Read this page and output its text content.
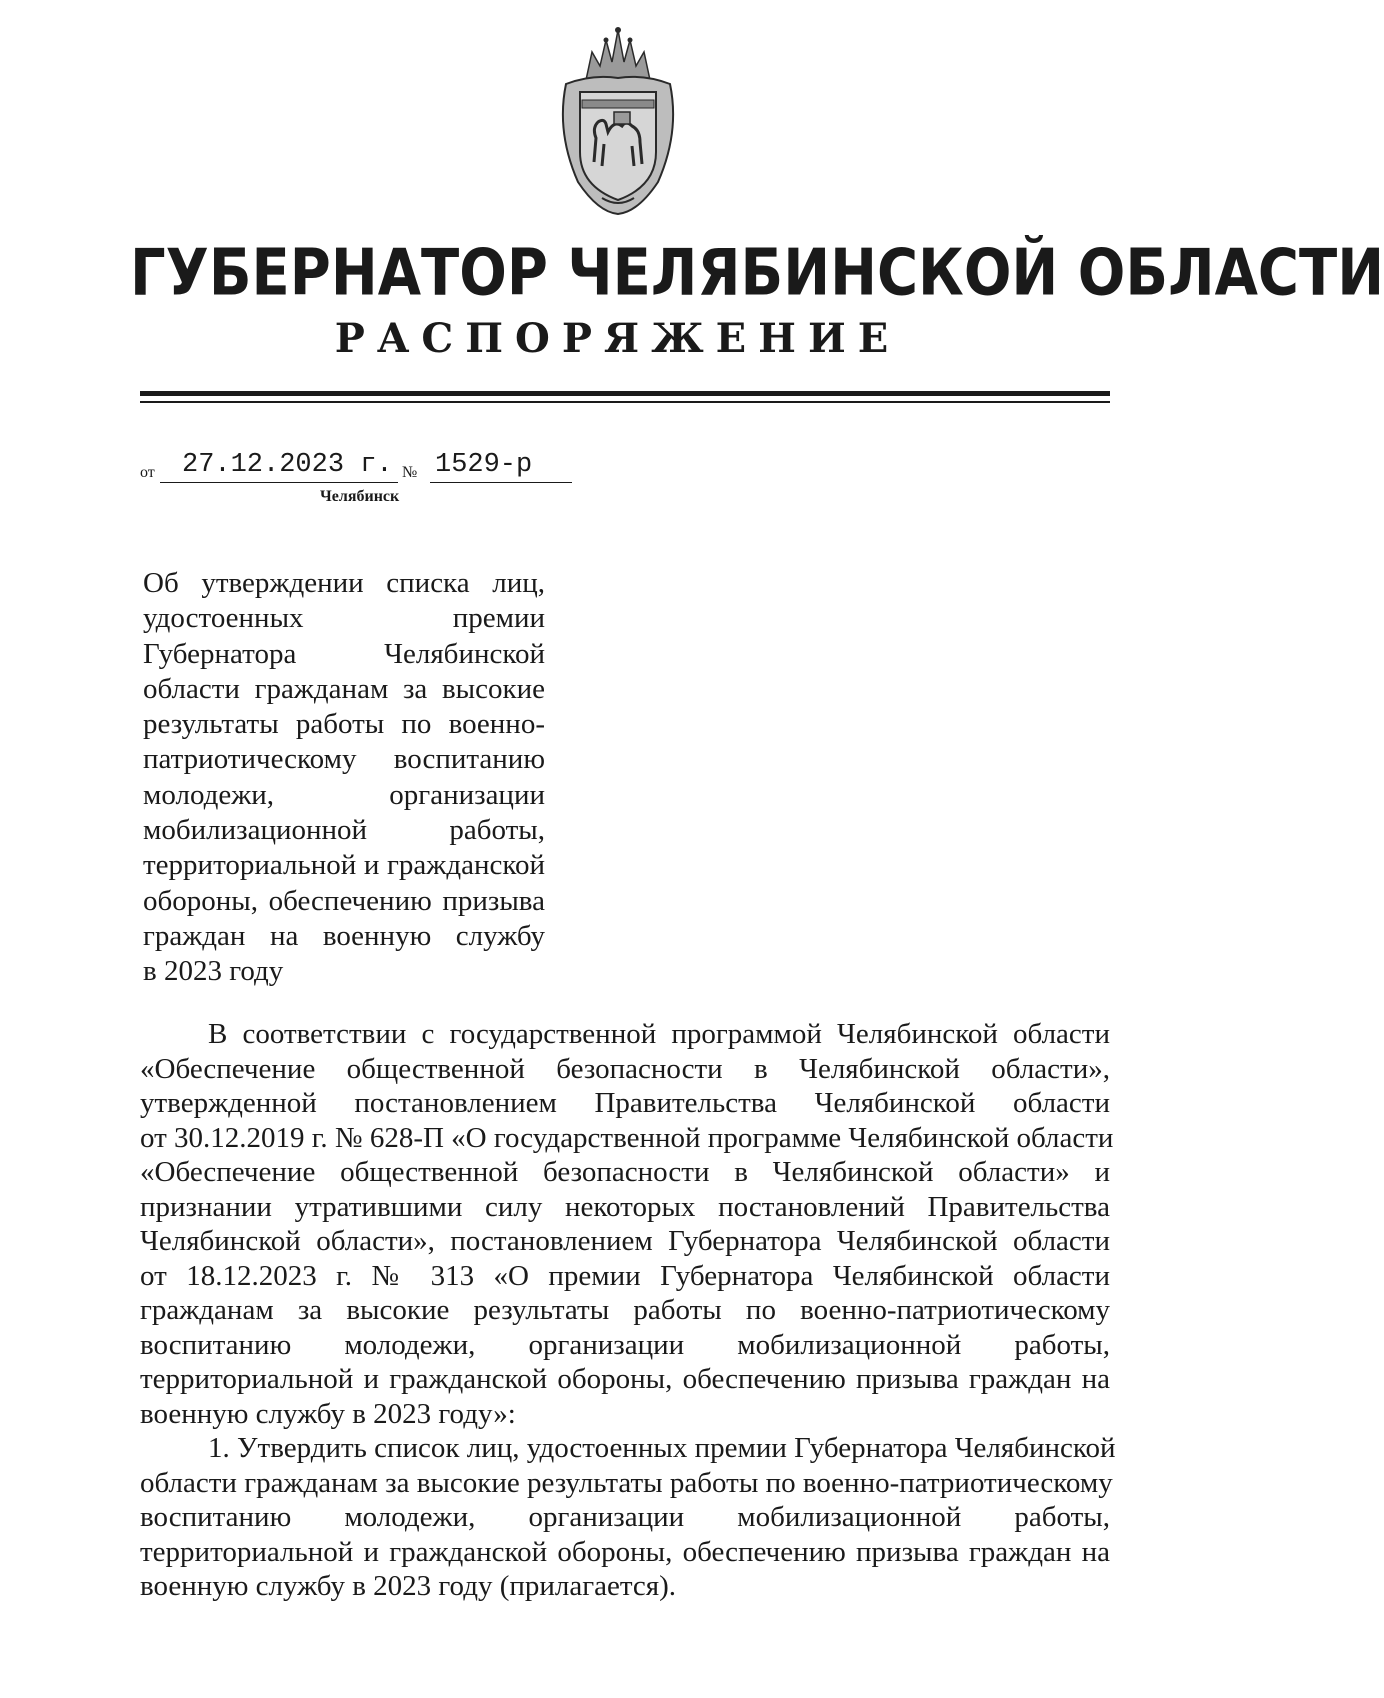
ГУБЕРНАТОР ЧЕЛЯБИНСКОЙ ОБЛАСТИ
РАСПОРЯЖЕНИЕ
от 27.12.2023 г. № 1529-р
Челябинск
Об утверждении списка лиц,
удостоенных премии
Губернатора Челябинской
области гражданам за высокие
результаты работы по военно-
патриотическому воспитанию
молодежи, организации
мобилизационной работы,
территориальной и гражданской
обороны, обеспечению призыва
граждан на военную службу
в 2023 году
В соответствии с государственной программой Челябинской области
«Обеспечение общественной безопасности в Челябинской области»,
утвержденной постановлением Правительства Челябинской области
от 30.12.2019 г. № 628-П «О государственной программе Челябинской области
«Обеспечение общественной безопасности в Челябинской области» и
признании утратившими силу некоторых постановлений Правительства
Челябинской области», постановлением Губернатора Челябинской области
от 18.12.2023 г. № 313 «О премии Губернатора Челябинской области
гражданам за высокие результаты работы по военно-патриотическому
воспитанию молодежи, организации мобилизационной работы,
территориальной и гражданской обороны, обеспечению призыва граждан на
военную службу в 2023 году»:
1. Утвердить список лиц, удостоенных премии Губернатора Челябинской
области гражданам за высокие результаты работы по военно-патриотическому
воспитанию молодежи, организации мобилизационной работы,
территориальной и гражданской обороны, обеспечению призыва граждан на
военную службу в 2023 году (прилагается).
